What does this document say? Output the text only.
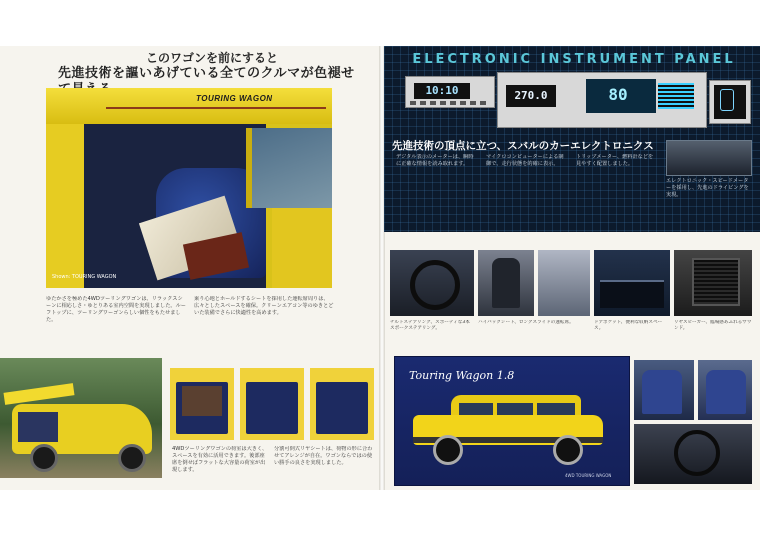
このワゴンを前にすると
先進技術を謳いあげている全てのクルマが色褪せ
TOURING WAGON
Shown: TOURING WAGON
ゆたかさを極めた4WDツーリングワゴンは、リラックスシーンに相応しさ・ゆとりある室内空間を実現しました。ルーフトップに、ツーリングワーゴンらしい個性をもたせました。
乗り心地とホールドするシートを採用した運転席周りは、広々としたスペースを確保。クリーンエアコン等のゆきとどいた装備でさらに快適性を高めます。
4WDツーリングワゴンの荷室は大きく、スペースを有効に活用できます。後部座席を倒せばフラットな大容量の荷室が出現します。
分割可倒式リヤシートは、荷物の形に合わせてアレンジが自在。ワゴンならではの使い勝手の良さを実現しました。
ELECTRONIC INSTRUMENT PANEL
10:10	270.0	80
先進技術の頂点に立つ、スバルのカーエレクトロニクス
デジタル表示のメーターは、瞬時に正確な情報を読み取れます。
マイクロコンピューターによる制御で、走行状態を的確に表示。
トリップメーター、燃料計などを見やすく配置しました。
エレクトロニック・スピードメーターを採用し、先進のドライビングを実現。
チルトステアリング、スポーティな3本スポークステアリング。
ハイバックシート、ロングスライドの運転席。	ドアポケット、便利な収納スペース。
リヤスピーカー、臨場感あふれるサウンド。
Touring Wagon 1.8
4WD TOURING WAGON
